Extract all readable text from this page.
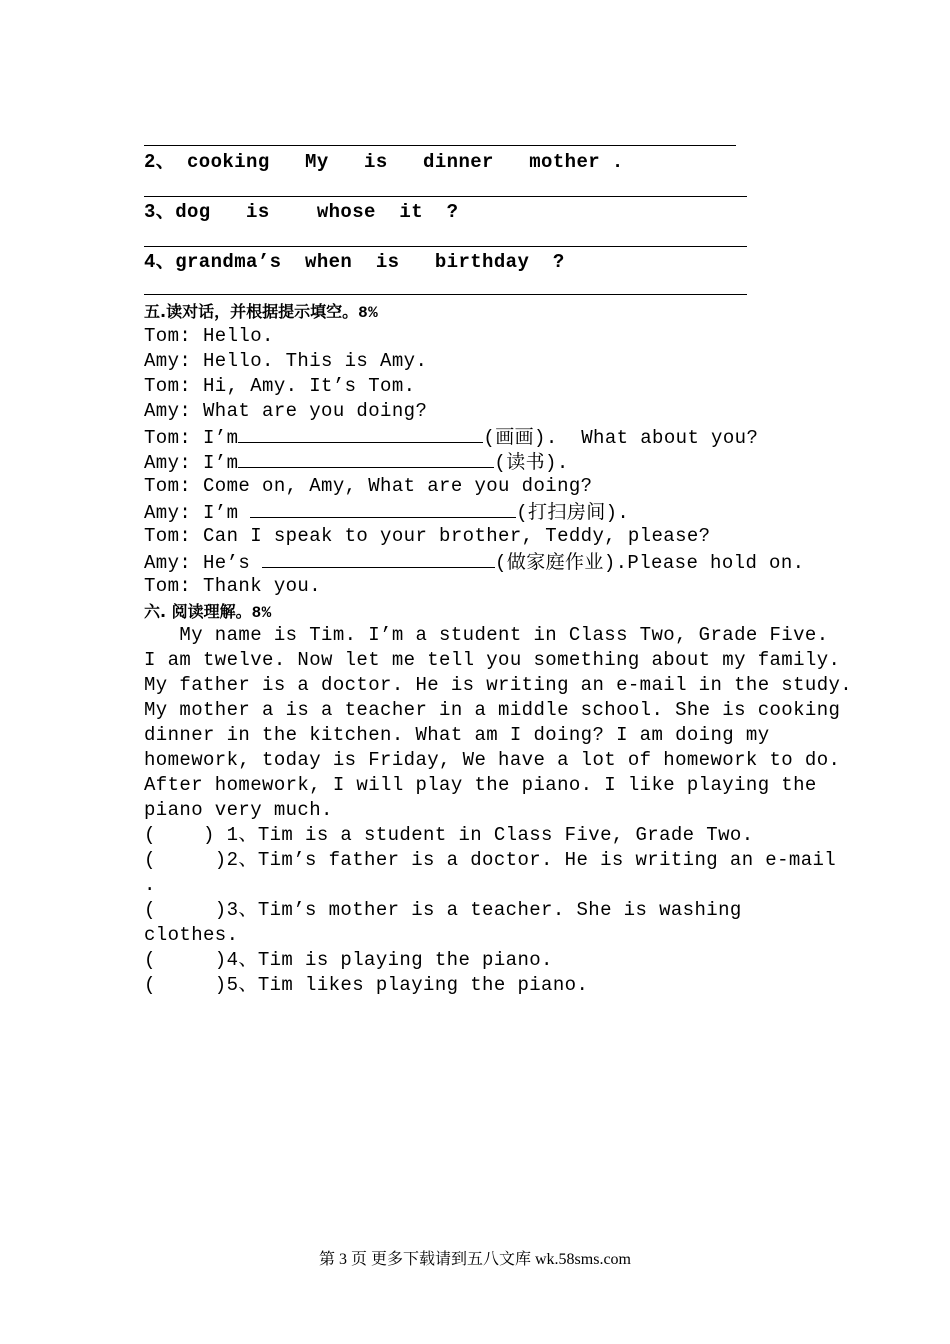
2、 cooking   My   is   dinner   mother .
3、dog   is    whose  it  ?
4、grandma’s  when  is   birthday  ?
五.读对话，并根据提示填空。8%
Tom: Hello.
Amy: Hello. This is Amy.
Tom: Hi, Amy. It’s Tom.
Amy: What are you doing?
Tom: I’m	(画画).  What about you?
Amy: I’m	(读书).
Tom: Come on, Amy, What are you doing?
Amy: I’m	(打扫房间).
Tom: Can I speak to your brother, Teddy, please?
Amy: He’s	(做家庭作业).Please hold on.
Tom: Thank you.
六. 阅读理解。8%
My name is Tim. I’m a student in Class Two, Grade Five.
I am twelve. Now let me tell you something about my family.
My father is a doctor. He is writing an e-mail in the study.
My mother a is a teacher in a middle school. She is cooking
dinner in the kitchen. What am I doing? I am doing my
homework, today is Friday, We have a lot of homework to do.
After homework, I will play the piano. I like playing the
piano very much.
(    ) 1、Tim is a student in Class Five, Grade Two.
(     )2、Tim’s father is a doctor. He is writing an e-mail
.
(     )3、Tim’s mother is a teacher. She is washing
clothes.
(     )4、Tim is playing the piano.
(     )5、Tim likes playing the piano.
第 3 页 更多下载请到五八文库 wk.58sms.com
